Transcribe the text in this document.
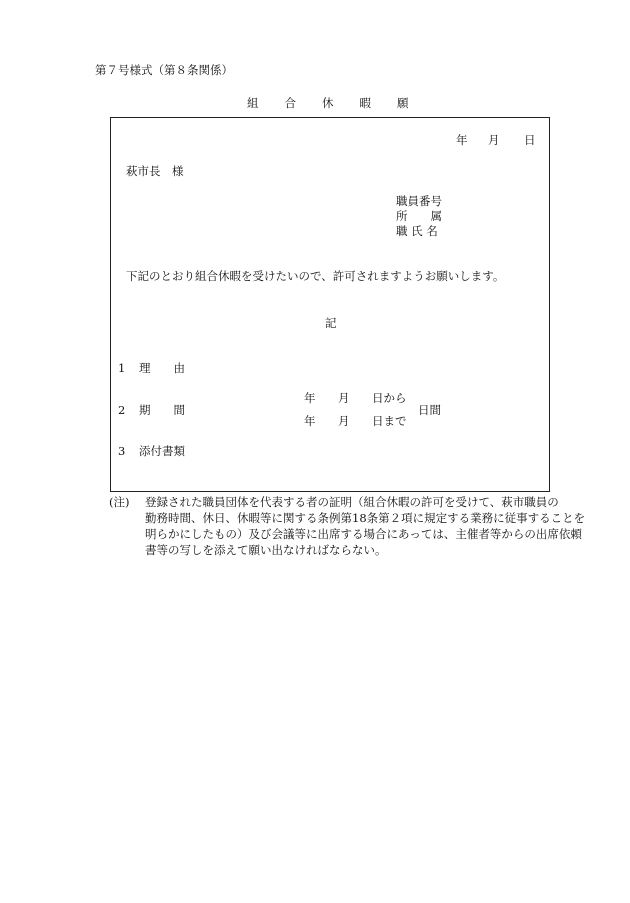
第７号様式（第８条関係）
組合休暇願
年 月 日
萩市長　様
職員番号
所　　属
職 氏 名
下記のとおり組合休暇を受けたいので、許可されますようお願いします。
記
1 理　　由
2 期　　間
年 月 日から
年 月 日まで
日間
3 添付書類
(注)	登録された職員団体を代表する者の証明（組合休暇の許可を受けて、萩市職員の
勤務時間、休日、休暇等に関する条例第18条第２項に規定する業務に従事することを
明らかにしたもの）及び会議等に出席する場合にあっては、主催者等からの出席依頼
書等の写しを添えて願い出なければならない。
